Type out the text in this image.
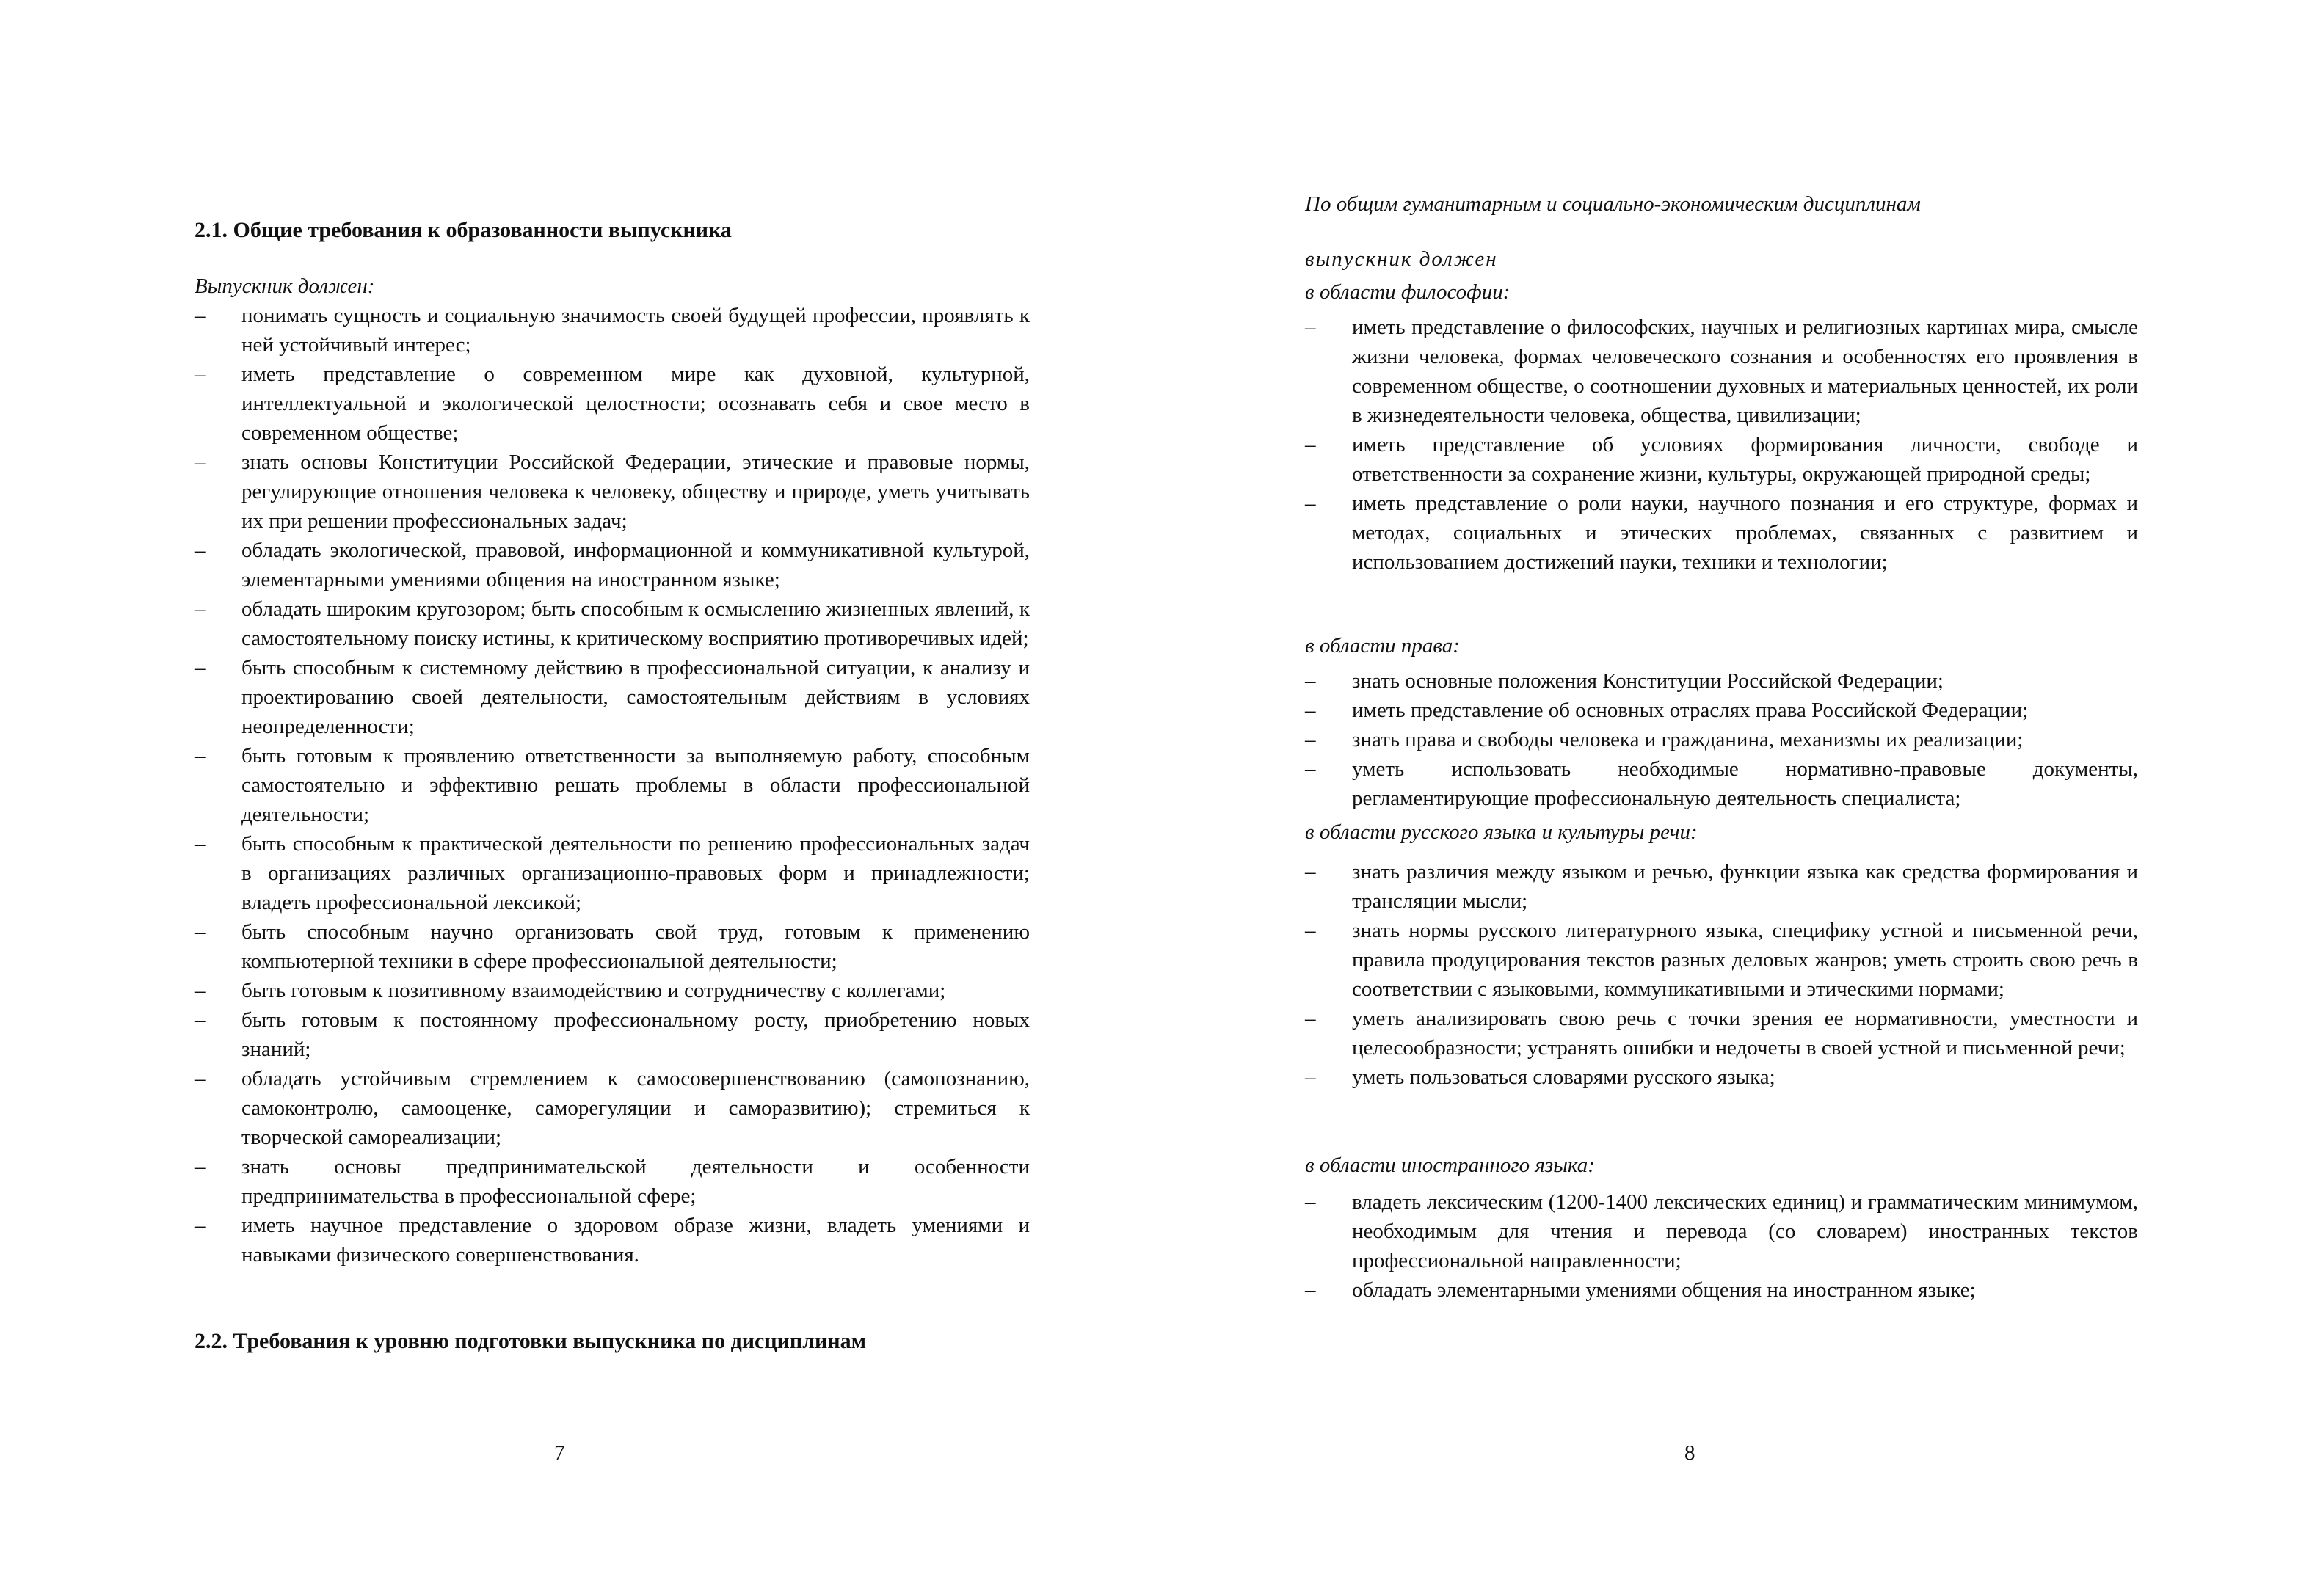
2.1. Общие требования к образованности выпускника
Выпускник должен:
– понимать сущность и социальную значимость своей будущей профессии, проявлять к ней устойчивый интерес;
– иметь представление о современном мире как духовной, культурной, интеллектуальной и экологической целостности; осознавать себя и свое место в современном обществе;
– знать основы Конституции Российской Федерации, этические и правовые нормы, регулирующие отношения человека к человеку, обществу и природе, уметь учитывать их при решении профессиональных задач;
– обладать экологической, правовой, информационной и коммуникативной культурой, элементарными умениями общения на иностранном языке;
– обладать широким кругозором; быть способным к осмыслению жизненных явлений, к самостоятельному поиску истины, к критическому восприятию противоречивых идей;
– быть способным к системному действию в профессиональной ситуации, к анализу и проектированию своей деятельности, самостоятельным действиям в условиях неопределенности;
– быть готовым к проявлению ответственности за выполняемую работу, способным самостоятельно и эффективно решать проблемы в области профессиональной деятельности;
– быть способным к практической деятельности по решению профессиональных задач в организациях различных организационно-правовых форм и принадлежности; владеть профессиональной лексикой;
– быть способным научно организовать свой труд, готовым к применению компьютерной техники в сфере профессиональной деятельности;
– быть готовым к позитивному взаимодействию и сотрудничеству с коллегами;
– быть готовым к постоянному профессиональному росту, приобретению новых знаний;
– обладать устойчивым стремлением к самосовершенствованию (самопознанию, самоконтролю, самооценке, саморегуляции и саморазвитию); стремиться к творческой самореализации;
– знать основы предпринимательской деятельности и особенности предпринимательства в профессиональной сфере;
– иметь научное представление о здоровом образе жизни, владеть умениями и навыками физического совершенствования.
2.2. Требования к уровню подготовки выпускника по дисциплинам
7
По общим гуманитарным и социально-экономическим дисциплинам
выпускник должен
в области философии:
– иметь представление о философских, научных и религиозных картинах мира, смысле жизни человека, формах человеческого сознания и особенностях его проявления в современном обществе, о соотношении духовных и материальных ценностей, их роли в жизнедеятельности человека, общества, цивилизации;
– иметь представление об условиях формирования личности, свободе и ответственности за сохранение жизни, культуры, окружающей природной среды;
– иметь представление о роли науки, научного познания и его структуре, формах и методах, социальных и этических проблемах, связанных с развитием и использованием достижений науки, техники и технологии;
в области права:
– знать основные положения Конституции Российской Федерации;
– иметь представление об основных отраслях права Российской Федерации;
– знать права и свободы человека и гражданина, механизмы их реализации;
– уметь использовать необходимые нормативно-правовые документы, регламентирующие профессиональную деятельность специалиста;
в области русского языка и культуры речи:
– знать различия между языком и речью, функции языка как средства формирования и трансляции мысли;
– знать нормы русского литературного языка, специфику устной и письменной речи, правила продуцирования текстов разных деловых жанров; уметь строить свою речь в соответствии с языковыми, коммуникативными и этическими нормами;
– уметь анализировать свою речь с точки зрения ее нормативности, уместности и целесообразности; устранять ошибки и недочеты в своей устной и письменной речи;
– уметь пользоваться словарями русского языка;
в области иностранного языка:
– владеть лексическим (1200-1400 лексических единиц) и грамматическим минимумом, необходимым для чтения и перевода (со словарем) иностранных текстов профессиональной направленности;
– обладать элементарными умениями общения на иностранном языке;
8
